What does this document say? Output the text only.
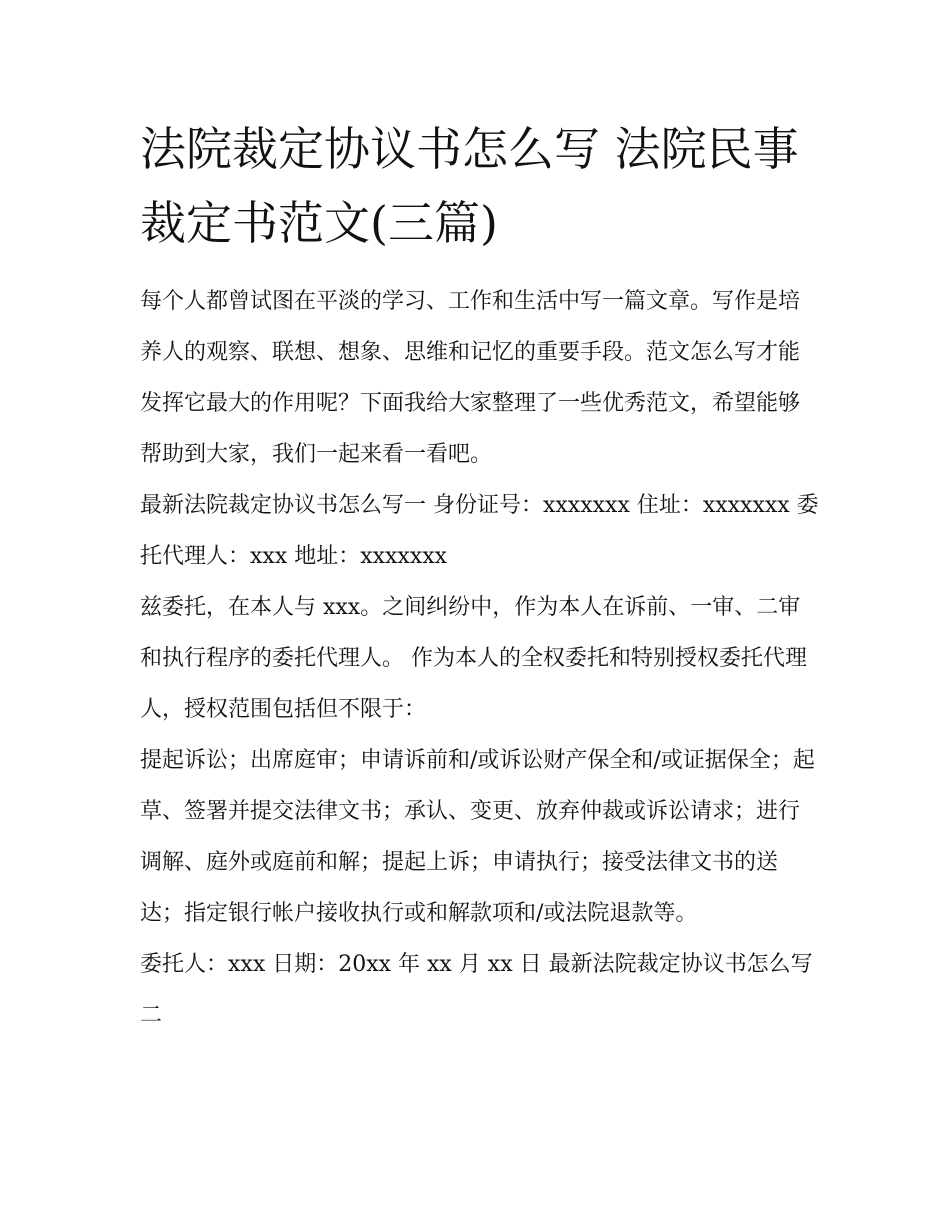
法院裁定协议书怎么写 法院民事裁定书范文(三篇)

每个人都曾试图在平淡的学习、工作和生活中写一篇文章。写作是培养人的观察、联想、想象、思维和记忆的重要手段。范文怎么写才能发挥它最大的作用呢？下面我给大家整理了一些优秀范文，希望能够帮助到大家，我们一起来看一看吧。

最新法院裁定协议书怎么写一 身份证号：xxxxxxx 住址：xxxxxxx 委托代理人：xxx 地址：xxxxxxx

兹委托，在本人与 xxx。之间纠纷中，作为本人在诉前、一审、二审和执行程序的委托代理人。 作为本人的全权委托和特别授权委托代理人，授权范围包括但不限于：

提起诉讼；出席庭审；申请诉前和/或诉讼财产保全和/或证据保全；起草、签署并提交法律文书；承认、变更、放弃仲裁或诉讼请求；进行调解、庭外或庭前和解；提起上诉；申请执行；接受法律文书的送达；指定银行帐户接收执行或和解款项和/或法院退款等。

委托人：xxx 日期：20xx 年 xx 月 xx 日 最新法院裁定协议书怎么写二
